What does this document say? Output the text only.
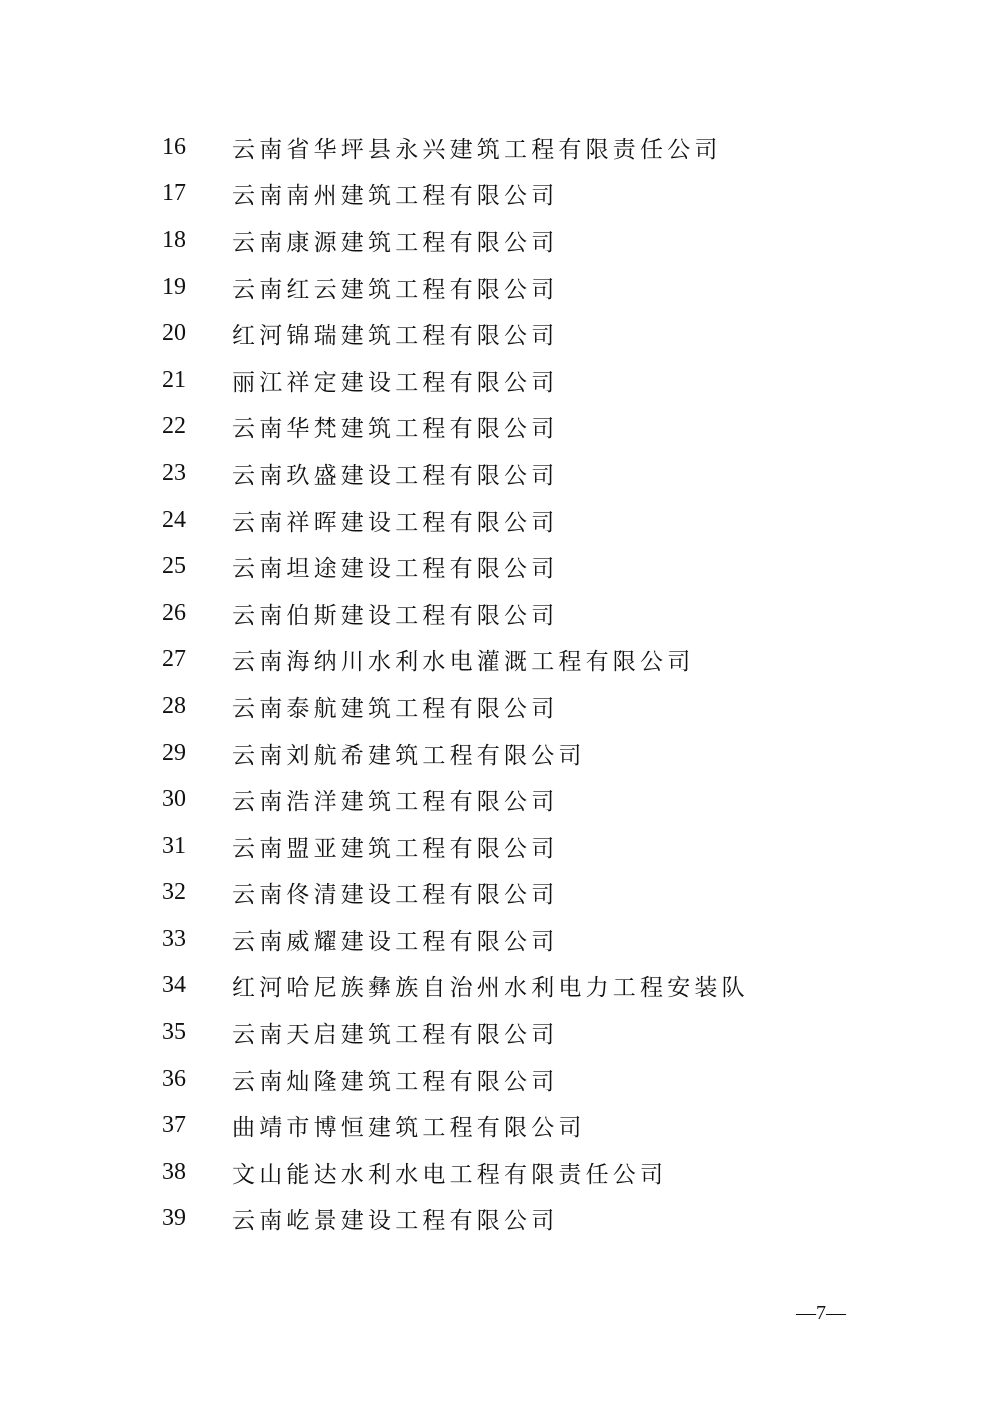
16	云南省华坪县永兴建筑工程有限责任公司
17	云南南州建筑工程有限公司
18	云南康源建筑工程有限公司
19	云南红云建筑工程有限公司
20	红河锦瑞建筑工程有限公司
21	丽江祥定建设工程有限公司
22	云南华梵建筑工程有限公司
23	云南玖盛建设工程有限公司
24	云南祥晖建设工程有限公司
25	云南坦途建设工程有限公司
26	云南伯斯建设工程有限公司
27	云南海纳川水利水电灌溉工程有限公司
28	云南泰航建筑工程有限公司
29	云南刘航希建筑工程有限公司
30	云南浩洋建筑工程有限公司
31	云南盟亚建筑工程有限公司
32	云南佟清建设工程有限公司
33	云南威耀建设工程有限公司
34	红河哈尼族彝族自治州水利电力工程安装队
35	云南天启建筑工程有限公司
36	云南灿隆建筑工程有限公司
37	曲靖市博恒建筑工程有限公司
38	文山能达水利水电工程有限责任公司
39	云南屹景建设工程有限公司
—7—
